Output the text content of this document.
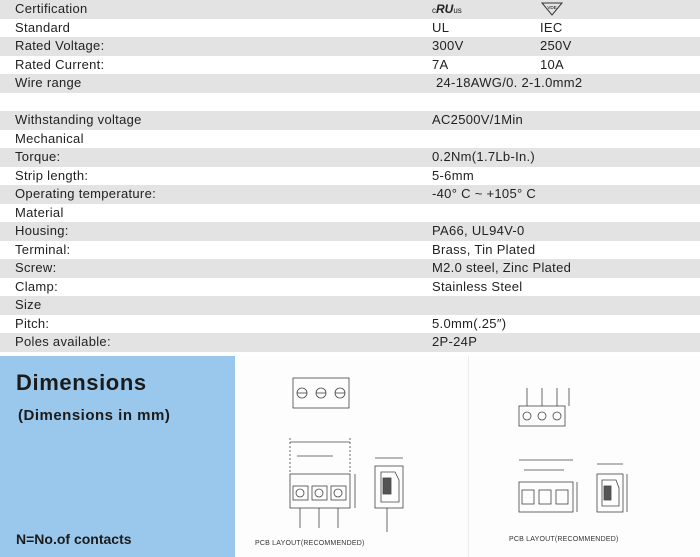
Certification	cRUus	VDE
Standard	UL	IEC
Rated Voltage:	300V	250V
Rated Current:	7A	10A
Wire range	24-18AWG/0. 2-1.0mm2
Withstanding voltage	AC2500V/1Min
Mechanical
Torque:	0.2Nm(1.7Lb-In.)
Strip length:	5-6mm
Operating temperature:	-40° C ~ +105° C
Material
Housing:	PA66, UL94V-0
Terminal:	Brass, Tin Plated
Screw:	M2.0 steel, Zinc Plated
Clamp:	Stainless Steel
Size
Pitch:	5.0mm(.25″)
Poles available:	2P-24P
Dimensions
(Dimensions in mm)
N=No.of contacts	PCB LAYOUT(RECOMMENDED)
PCB LAYOUT(RECOMMENDED)
